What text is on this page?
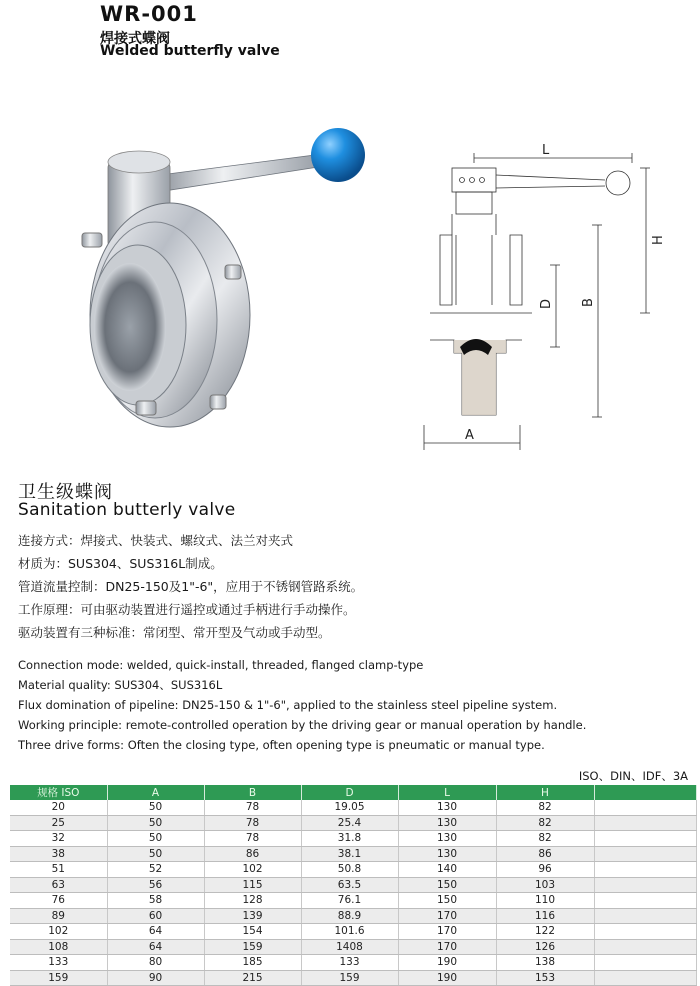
WR-001
焊接式蝶阀
Welded butterfly valve
L
H
D B
A
卫生级蝶阀
Sanitation butterly valve
连接方式：焊接式、快装式、螺纹式、法兰对夹式
材质为：SUS304、SUS316L制成。
管道流量控制：DN25-150及1"-6"，应用于不锈钢管路系统。
工作原理：可由驱动装置进行遥控或通过手柄进行手动操作。
驱动装置有三种标准：常闭型、常开型及气动或手动型。
Connection mode: welded, quick-install, threaded, flanged clamp-type
Material quality: SUS304、SUS316L
Flux domination of pipeline: DN25-150 & 1"-6", applied to the stainless steel pipeline system.
Working principle: remote-controlled operation by the driving gear or manual operation by handle.
Three drive forms: Often the closing type, often opening type is pneumatic or manual type.
ISO、DIN、IDF、3A
规格 ISO	A	B	D	L	H	
20	50	78	19.05	130	82	
25	50	78	25.4	130	82	
32	50	78	31.8	130	82	
38	50	86	38.1	130	86	
51	52	102	50.8	140	96	
63	56	115	63.5	150	103	
76	58	128	76.1	150	110	
89	60	139	88.9	170	116	
102	64	154	101.6	170	122	
108	64	159	1408	170	126	
133	80	185	133	190	138	
159	90	215	159	190	153	
